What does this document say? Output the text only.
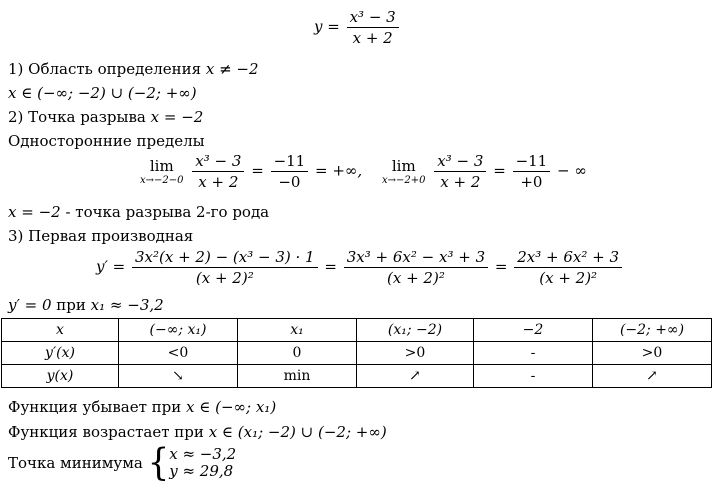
$y = \frac{\text{x³ − 3}}{x + 2}$
1) Область определения x ≠ −2
x ∈ (−∞; −2) ∪ (−2; +∞)
2) Точка разрыва x = −2
Односторонние пределы
lim
x→−2−0
$\frac{\text{x³ − 3}}{x + 2} = \frac{-11}{-0}$ = +∞, lim
x→−2+0
$\frac{\text{x³ − 3}}{x + 2} = \frac{-11}{+0}$ − ∞
x = −2 - точка разрыва 2-го рода
3) Первая производная
$y' = \frac{\text{3x²(x + 2) − (x³ − 3) · 1}}{\text{(x + 2)²}} = \frac{\text{3x³ + 6x² − x³ + 3}}{\text{(x + 2)²}} = \frac{\text{2x³ + 6x² + 3}}{\text{(x + 2)²}}$
y′ = 0 при x₁ ≈ −3,2
x	(−∞; x₁)	x₁	(x₁; −2)	−2	(−2; +∞)
y′(x)	<0	0	>0	-	>0
y(x)	↘	min	↗	-	↗
Функция убывает при x ∈ (−∞; x₁)
Функция возрастает при x ∈ (x₁; −2) ∪ (−2; +∞)
Точка минимума { x ≈ −3,2
y ≈ 29,8
